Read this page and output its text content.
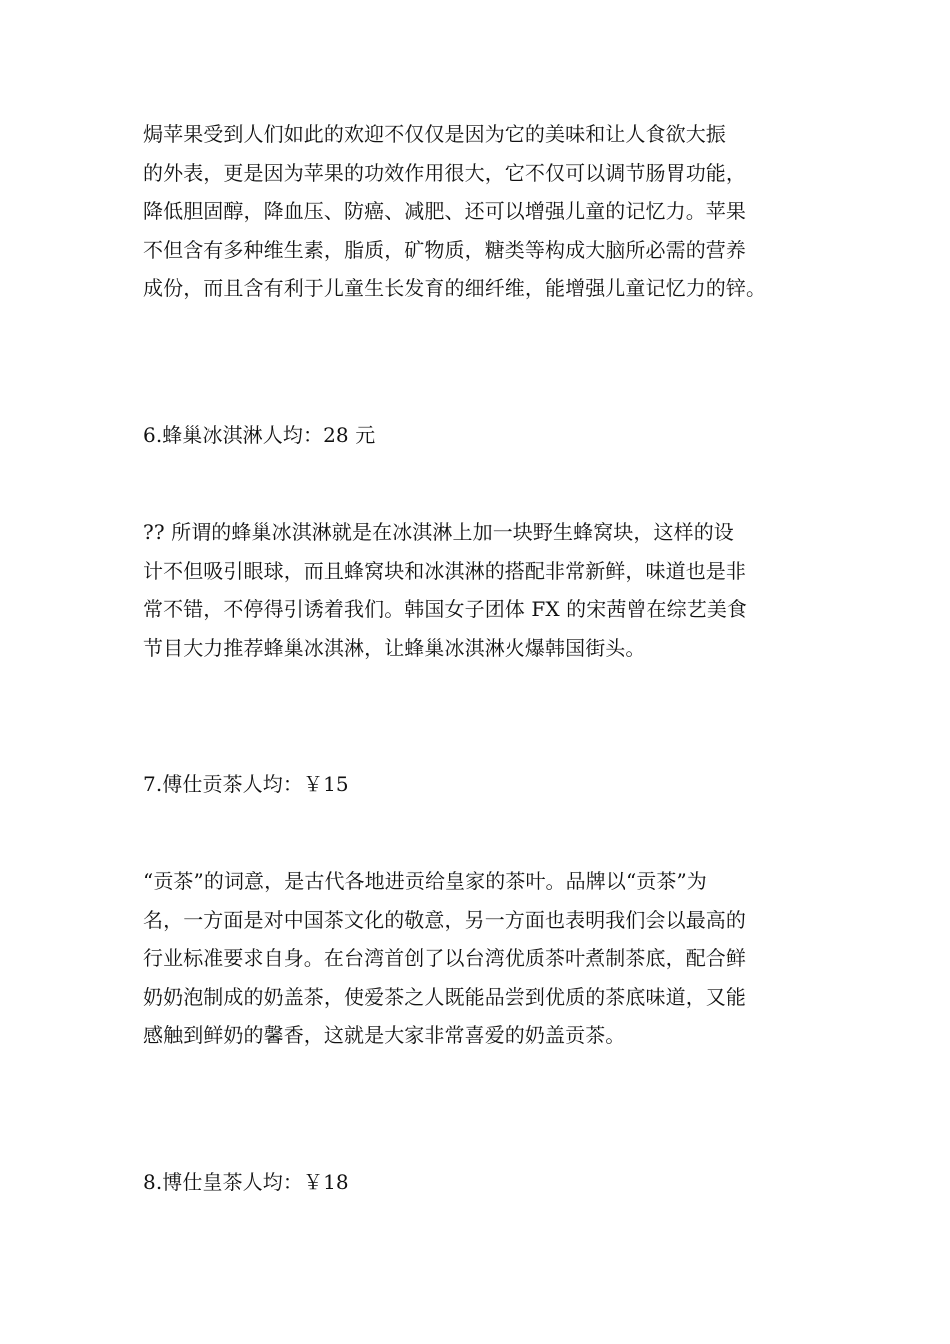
焗苹果受到人们如此的欢迎不仅仅是因为它的美味和让人食欲大振
的外表，更是因为苹果的功效作用很大，它不仅可以调节肠胃功能，
降低胆固醇，降血压、防癌、减肥、还可以增强儿童的记忆力。苹果
不但含有多种维生素，脂质，矿物质，糖类等构成大脑所必需的营养
成份，而且含有利于儿童生长发育的细纤维，能增强儿童记忆力的锌。
6.蜂巢冰淇淋人均：28 元
?? 所谓的蜂巢冰淇淋就是在冰淇淋上加一块野生蜂窝块，这样的设
计不但吸引眼球，而且蜂窝块和冰淇淋的搭配非常新鲜，味道也是非
常不错，不停得引诱着我们。韩国女子团体 FX 的宋茜曾在综艺美食
节目大力推荐蜂巢冰淇淋，让蜂巢冰淇淋火爆韩国街头。
7.傅仕贡茶人均：￥15
“贡茶”的词意，是古代各地进贡给皇家的茶叶。品牌以“贡茶”为
名，一方面是对中国茶文化的敬意，另一方面也表明我们会以最高的
行业标准要求自身。在台湾首创了以台湾优质茶叶煮制茶底，配合鲜
奶奶泡制成的奶盖茶，使爱茶之人既能品尝到优质的茶底味道，又能
感触到鲜奶的馨香，这就是大家非常喜爱的奶盖贡茶。
8.博仕皇茶人均：￥18
